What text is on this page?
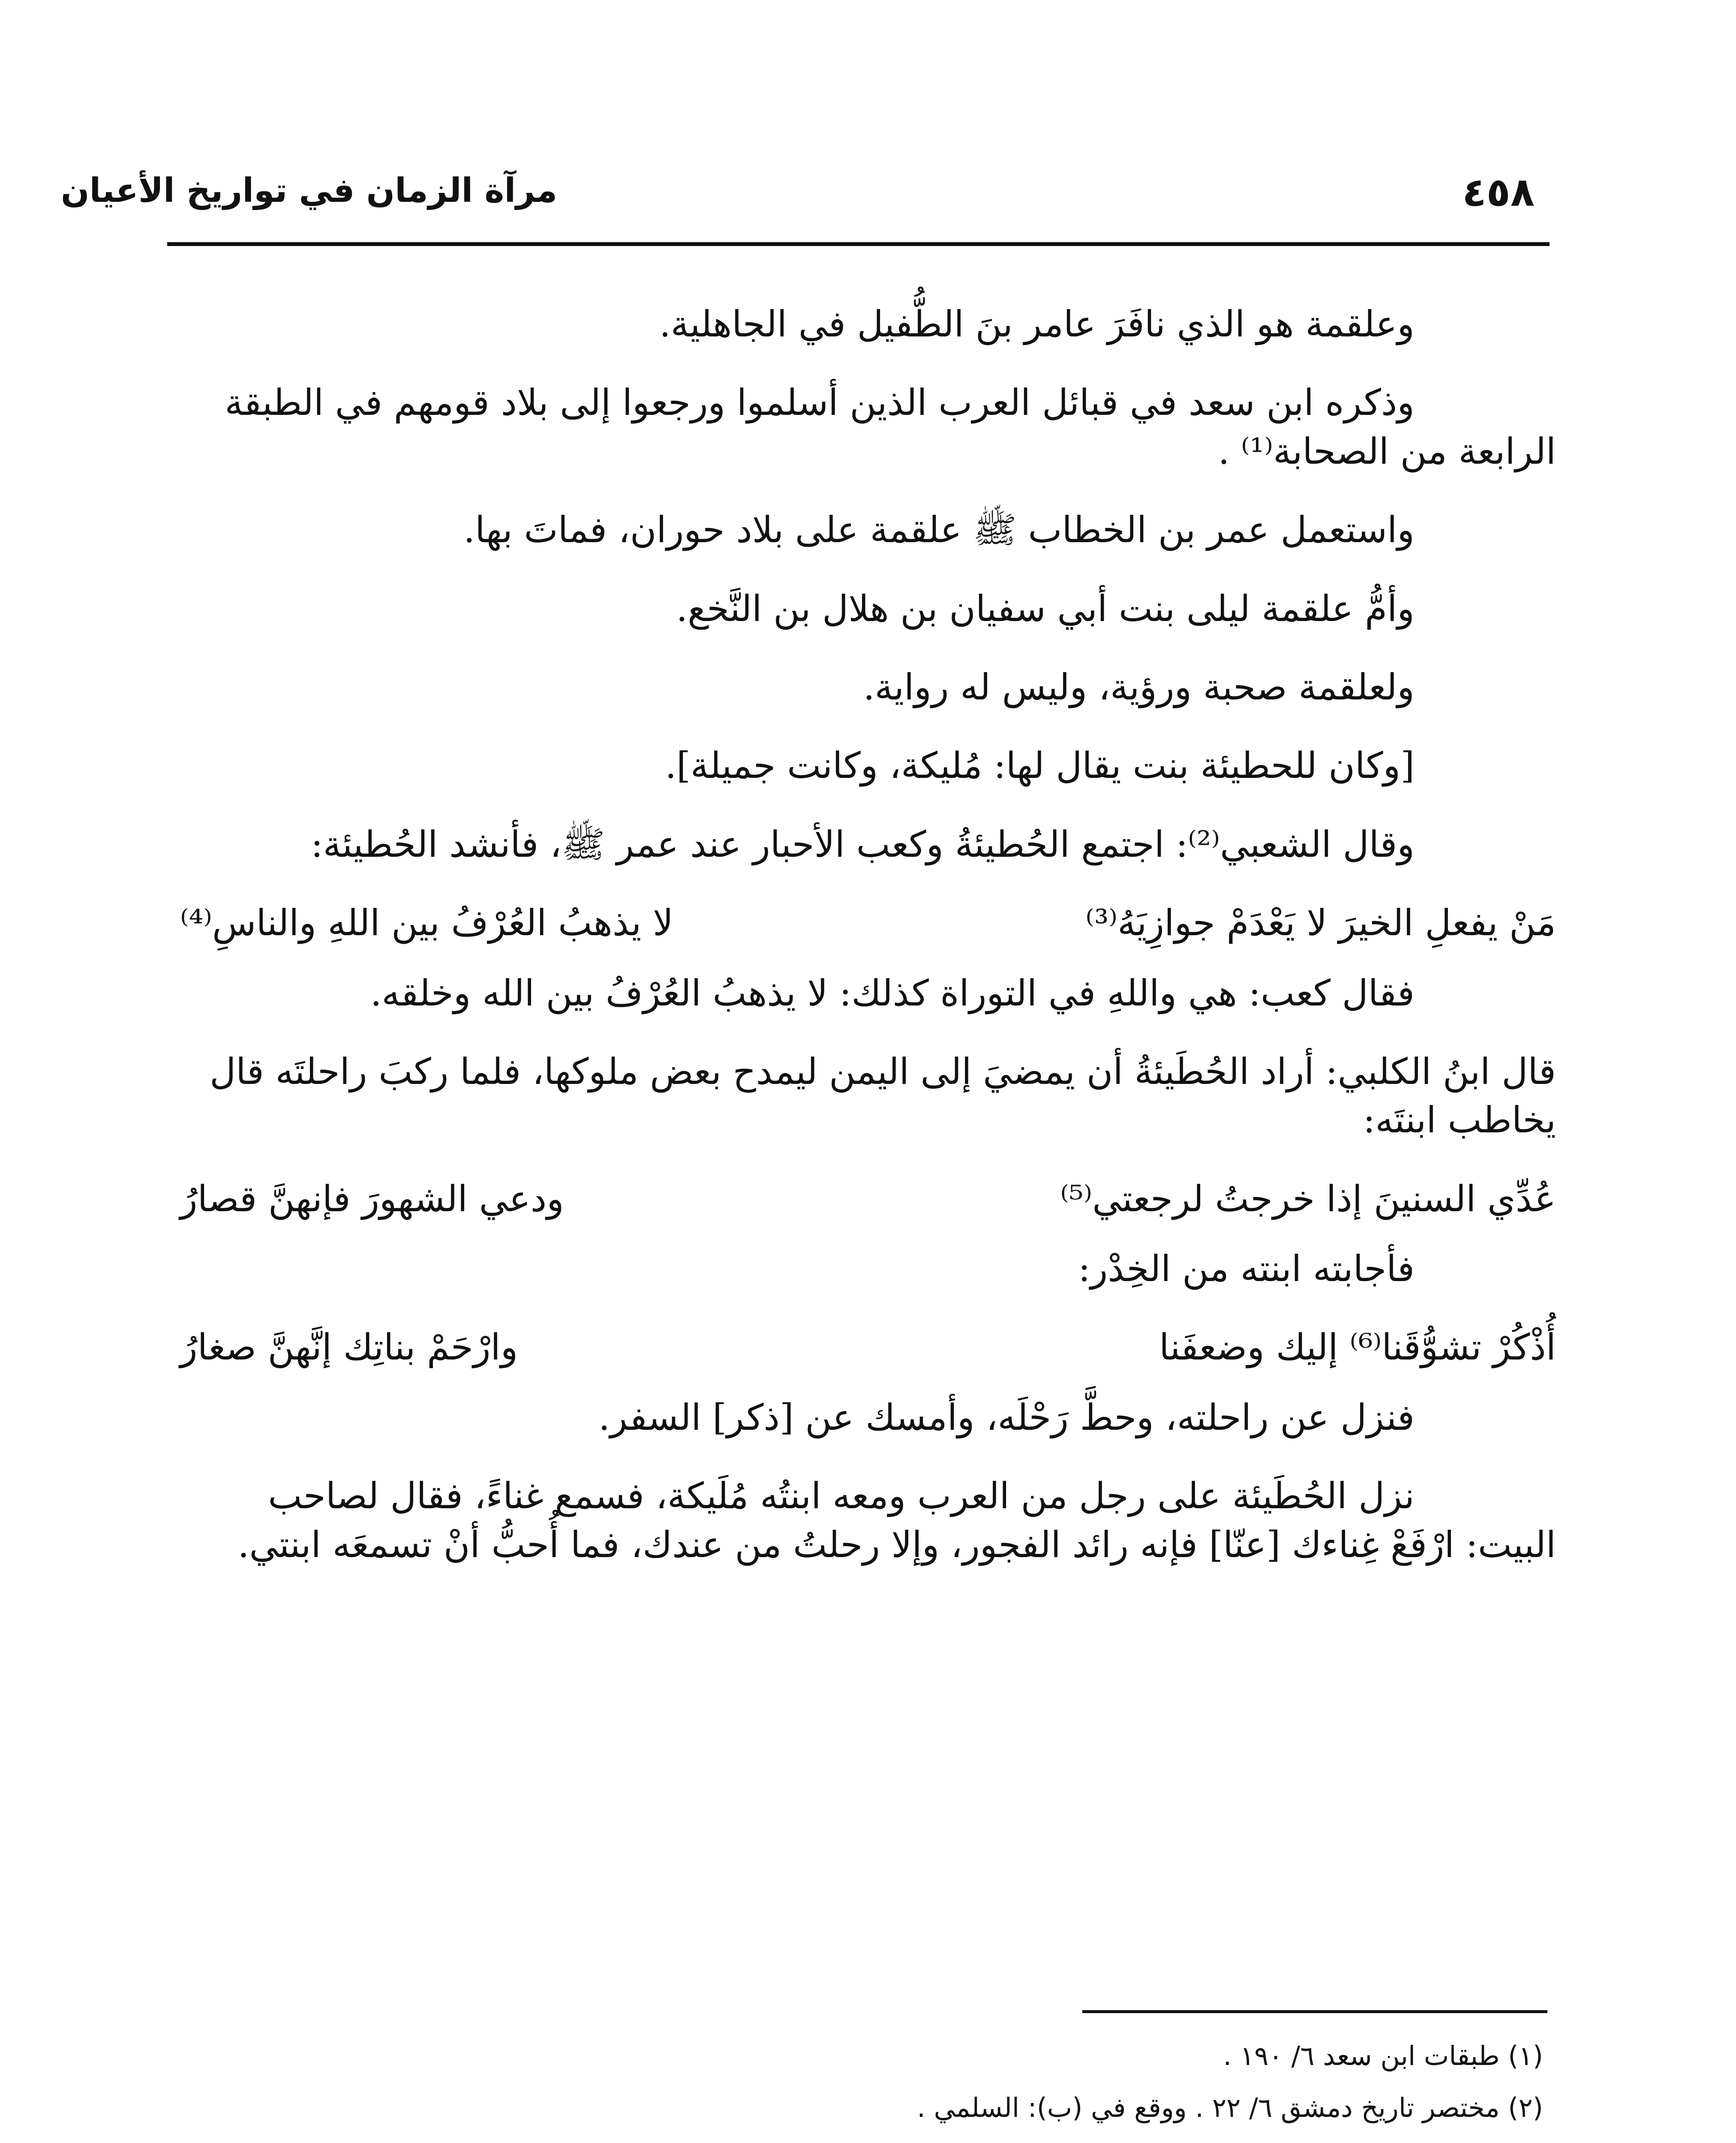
مرآة الزمان في تواريخ الأعيان	٤٥٨

وعلقمة هو الذي نافَرَ عامر بنَ الطُّفيل في الجاهلية.

وذكره ابن سعد في قبائل العرب الذين أسلموا ورجعوا إلى بلاد قومهم في الطبقة الرابعة من الصحابة⁽¹⁾ .

واستعمل عمر بن الخطاب ﷺ علقمة على بلاد حوران، فماتَ بها.

وأمُّ علقمة ليلى بنت أبي سفيان بن هلال بن النَّخع.

ولعلقمة صحبة ورؤية، وليس له رواية.

[وكان للحطيئة بنت يقال لها: مُليكة، وكانت جميلة].

وقال الشعبي⁽²⁾: اجتمع الحُطيئةُ وكعب الأحبار عند عمر ﷺ، فأنشد الحُطيئة:

مَنْ يفعلِ الخيرَ لا يَعْدَمْ جوازِيَهُ⁽³⁾
لا يذهبُ العُرْفُ بين اللهِ والناسِ⁽⁴⁾

فقال كعب: هي واللهِ في التوراة كذلك: لا يذهبُ العُرْفُ بين الله وخلقه.

قال ابنُ الكلبي: أراد الحُطَيئةُ أن يمضيَ إلى اليمن ليمدح بعض ملوكها، فلما ركبَ راحلتَه قال يخاطب ابنتَه:

عُدِّي السنينَ إذا خرجتُ لرجعتي⁽⁵⁾
ودعي الشهورَ فإنهنَّ قصارُ

فأجابته ابنته من الخِدْر:

أُذْكُرْ تشوُّقَنا⁽⁶⁾ إليك وضعفَنا
وارْحَمْ بناتِك إنَّهنَّ صغارُ

فنزل عن راحلته، وحطَّ رَحْلَه، وأمسك عن [ذكر] السفر.

نزل الحُطَيئة على رجل من العرب ومعه ابنتُه مُلَيكة، فسمع غناءً، فقال لصاحب البيت: ارْفَعْ غِناءك [عنّا] فإنه رائد الفجور، وإلا رحلتُ من عندك، فما أُحبُّ أنْ تسمعَه ابنتي.

(١) طبقات ابن سعد ٦/ ١٩٠ .

(٢) مختصر تاريخ دمشق ٦/ ٢٢ . ووقع في (ب): السلمي .
